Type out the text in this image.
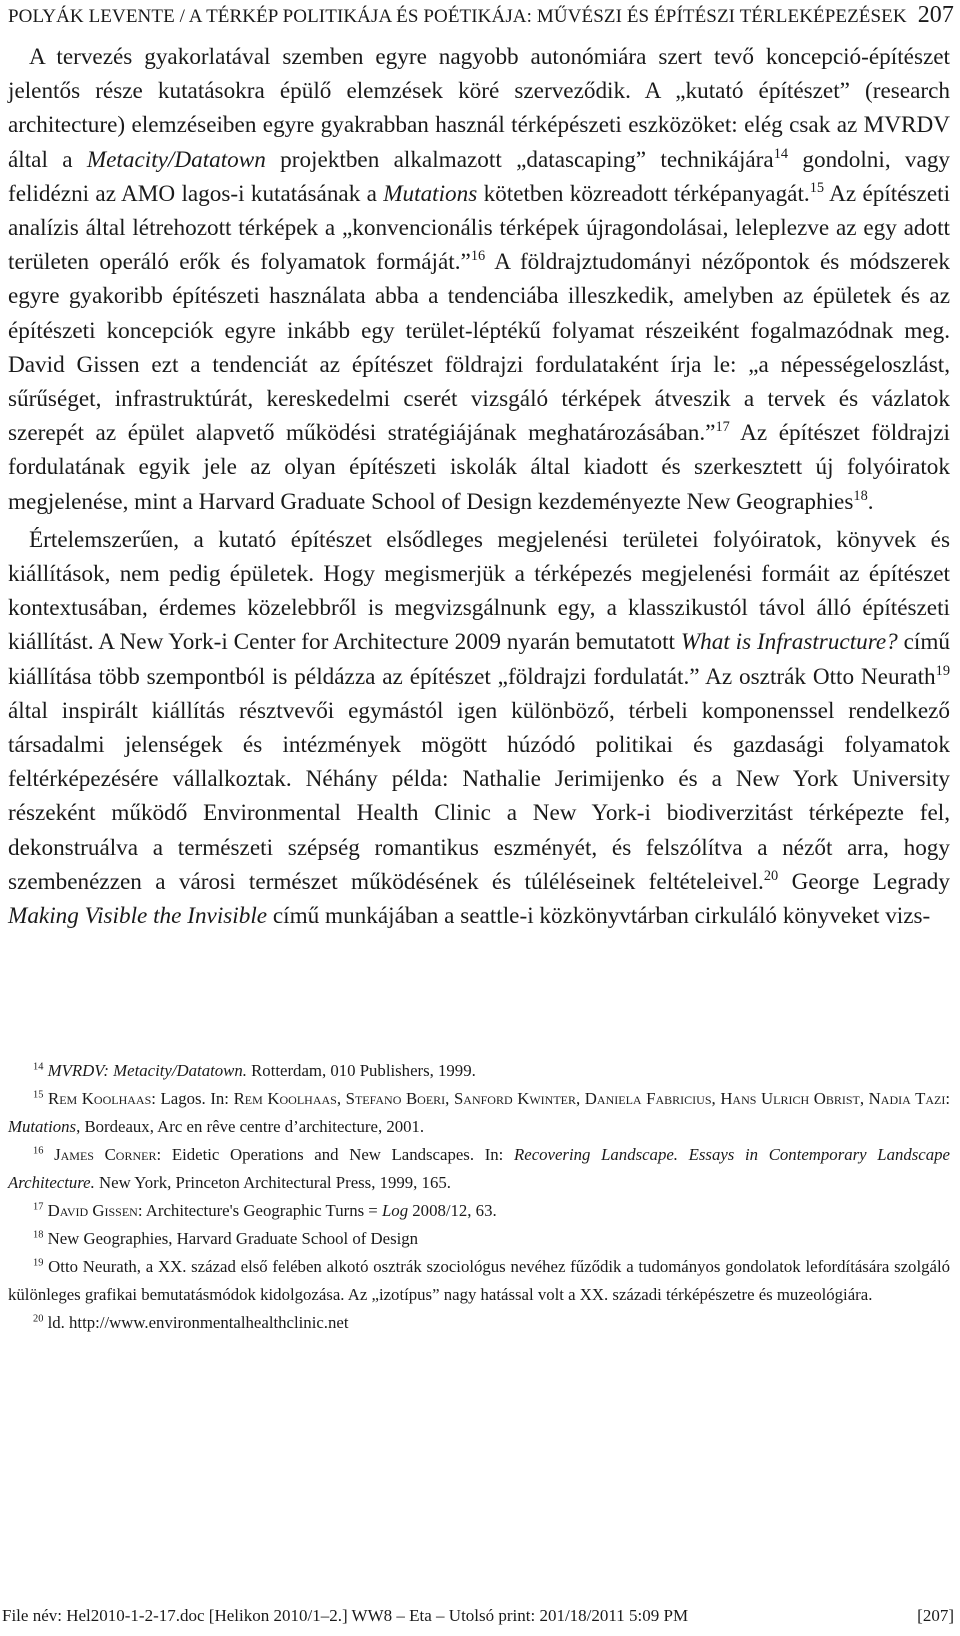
POLYÁK LEVENTE / A TÉRKÉP POLITIKÁJA ÉS POÉTIKÁJA: MŰVÉSZI ÉS ÉPÍTÉSZI TÉRLEKÉPEZÉSEK 207

A tervezés gyakorlatával szemben egyre nagyobb autonómiára szert tevő koncepció-építészet jelentős része kutatásokra épülő elemzések köré szerveződik. A „kutató építészet” (research architecture) elemzéseiben egyre gyakrabban használ térképészeti eszközöket: elég csak az MVRDV által a Metacity/Datatown projektben alkalmazott „datascaping” technikájára$^{14}$ gondolni, vagy felidézni az AMO lagos-i kutatásának a Mutations kötetben közreadott térképanyagát.$^{15}$ Az építészeti analízis által létrehozott térképek a „konvencionális térképek újragondolásai, leleplezve az egy adott területen operáló erők és folyamatok formáját.”$^{16}$ A földrajztudományi nézőpontok és módszerek egyre gyakoribb építészeti használata abba a tendenciába illeszkedik, amelyben az épületek és az építészeti koncepciók egyre inkább egy terület-léptékű folyamat részeiként fogalmazódnak meg. David Gissen ezt a tendenciát az építészet földrajzi fordulataként írja le: „a népességeloszlást, sűrűséget, infrastruktúrát, kereskedelmi cserét vizsgáló térképek átveszik a tervek és vázlatok szerepét az épület alapvető működési stratégiájának meghatározásában.”$^{17}$ Az építészet földrajzi fordulatának egyik jele az olyan építészeti iskolák által kiadott és szerkesztett új folyóiratok megjelenése, mint a Harvard Graduate School of Design kezdeményezte New Geographies$^{18}$.

Értelemszerűen, a kutató építészet elsődleges megjelenési területei folyóiratok, könyvek és kiállítások, nem pedig épületek. Hogy megismerjük a térképezés megjelenési formáit az építészet kontextusában, érdemes közelebbről is megvizsgálnunk egy, a klasszikustól távol álló építészeti kiállítást. A New York-i Center for Architecture 2009 nyarán bemutatott What is Infrastructure? című kiállítása több szempontból is példázza az építészet „földrajzi fordulatát.” Az osztrák Otto Neurath$^{19}$ által inspirált kiállítás résztvevői egymástól igen különböző, térbeli komponenssel rendelkező társadalmi jelenségek és intézmények mögött húzódó politikai és gazdasági folyamatok feltérképezésére vállalkoztak. Néhány példa: Nathalie Jerimijenko és a New York University részeként működő Environmental Health Clinic a New York-i biodiverzitást térképezte fel, dekonstruálva a természeti szépség romantikus eszményét, és felszólítva a nézőt arra, hogy szembenézzen a városi természet működésének és túléléseinek feltételeivel.$^{20}$ George Legrady Making Visible the Invisible című munkájában a seattle-i közkönyvtárban cirkuláló könyveket vizs-

$^{14}$ MVRDV: Metacity/Datatown. Rotterdam, 010 Publishers, 1999.

$^{15}$ Rem Koolhaas: Lagos. In: Rem Koolhaas, Stefano Boeri, Sanford Kwinter, Daniela Fabricius, Hans Ulrich Obrist, Nadia Tazi: Mutations, Bordeaux, Arc en rêve centre d’architecture, 2001.

$^{16}$ James Corner: Eidetic Operations and New Landscapes. In: Recovering Landscape. Essays in Contemporary Landscape Architecture. New York, Princeton Architectural Press, 1999, 165.

$^{17}$ David Gissen: Architecture's Geographic Turns = Log 2008/12, 63.

$^{18}$ New Geographies, Harvard Graduate School of Design

$^{19}$ Otto Neurath, a XX. század első felében alkotó osztrák szociológus nevéhez fűződik a tudományos gondolatok lefordítására szolgáló különleges grafikai bemutatásmódok kidolgozása. Az „izotípus” nagy hatással volt a XX. századi térképészetre és muzeológiára.

$^{20}$ ld. http://www.environmentalhealthclinic.net

File név: Hel2010-1-2-17.doc [Helikon 2010/1–2.] WW8 – Eta – Utolsó print: 201/18/2011 5:09 PM	[207]
